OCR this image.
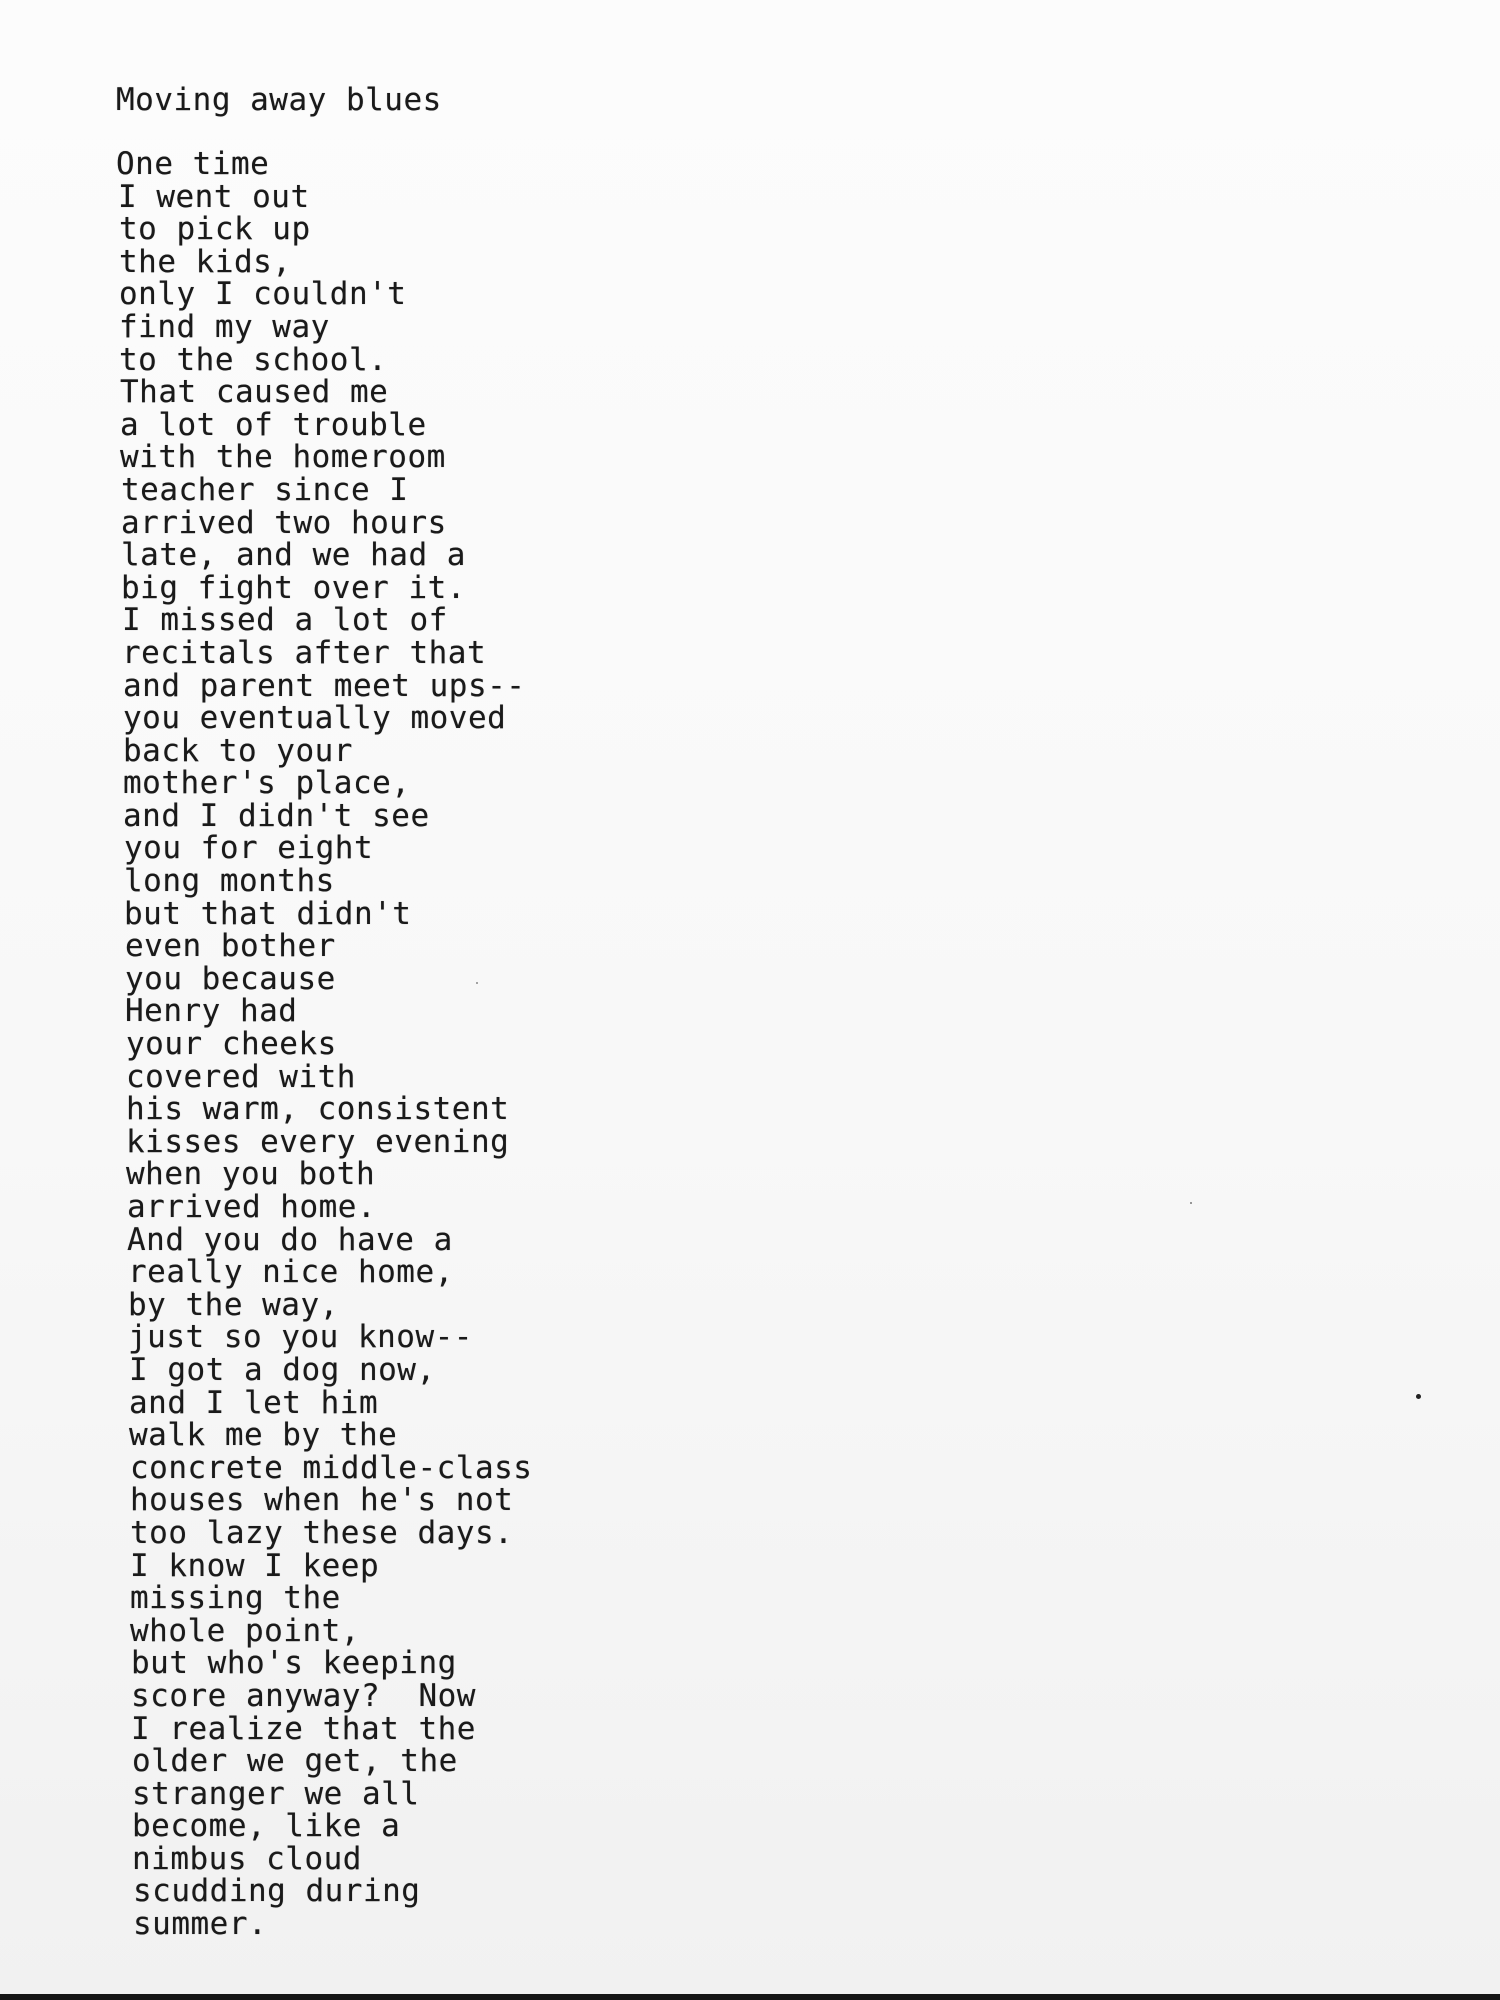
Moving away blues
One time
I went out
to pick up
the kids,
only I couldn't
find my way
to the school.
That caused me
a lot of trouble
with the homeroom
teacher since I
arrived two hours
late, and we had a
big fight over it.
I missed a lot of
recitals after that
and parent meet ups--
you eventually moved
back to your
mother's place,
and I didn't see
you for eight
long months
but that didn't
even bother
you because
Henry had
your cheeks
covered with
his warm, consistent
kisses every evening
when you both
arrived home.
And you do have a
really nice home,
by the way,
just so you know--
I got a dog now,
and I let him
walk me by the
concrete middle-class
houses when he's not
too lazy these days.
I know I keep
missing the
whole point,
but who's keeping
score anyway?  Now
I realize that the
older we get, the
stranger we all
become, like a
nimbus cloud
scudding during
summer.
